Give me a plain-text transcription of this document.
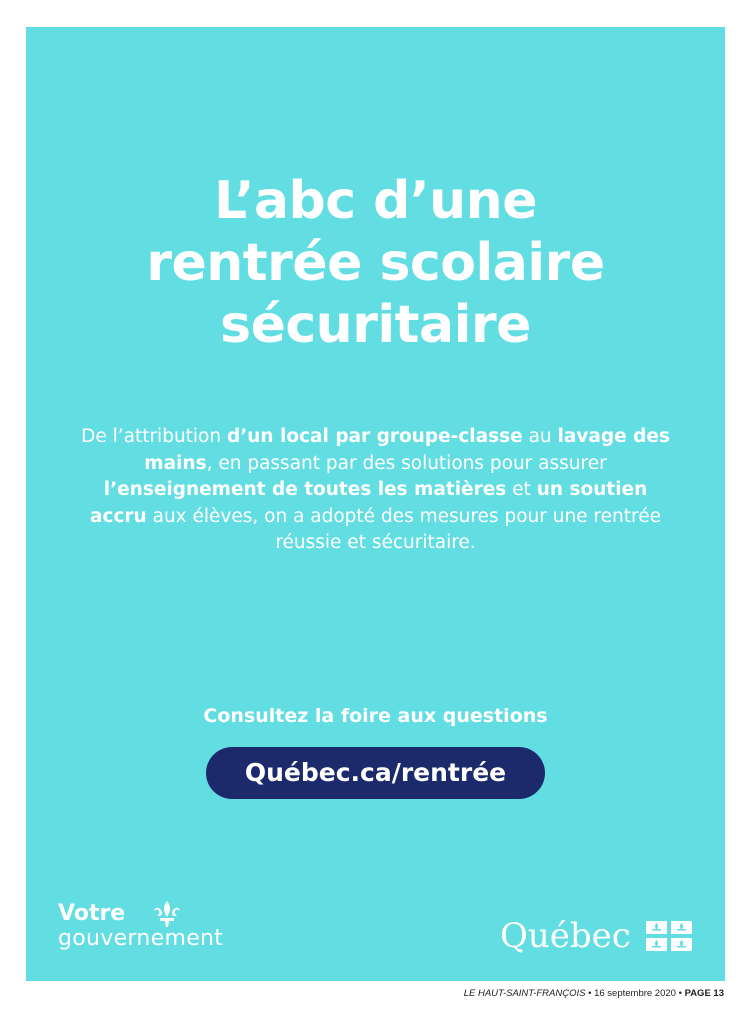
L’abc d’une
rentrée scolaire
sécuritaire

De l’attribution d’un local par groupe-classe au lavage des mains, en passant par des solutions pour assurer l’enseignement de toutes les matières et un soutien accru aux élèves, on a adopté des mesures pour une rentrée réussie et sécuritaire.

Consultez la foire aux questions
Québec.ca/rentrée
Votre
gouvernement	Québec
LE HAUT-SAINT-FRANÇOIS • 16 septembre 2020 • PAGE 13
